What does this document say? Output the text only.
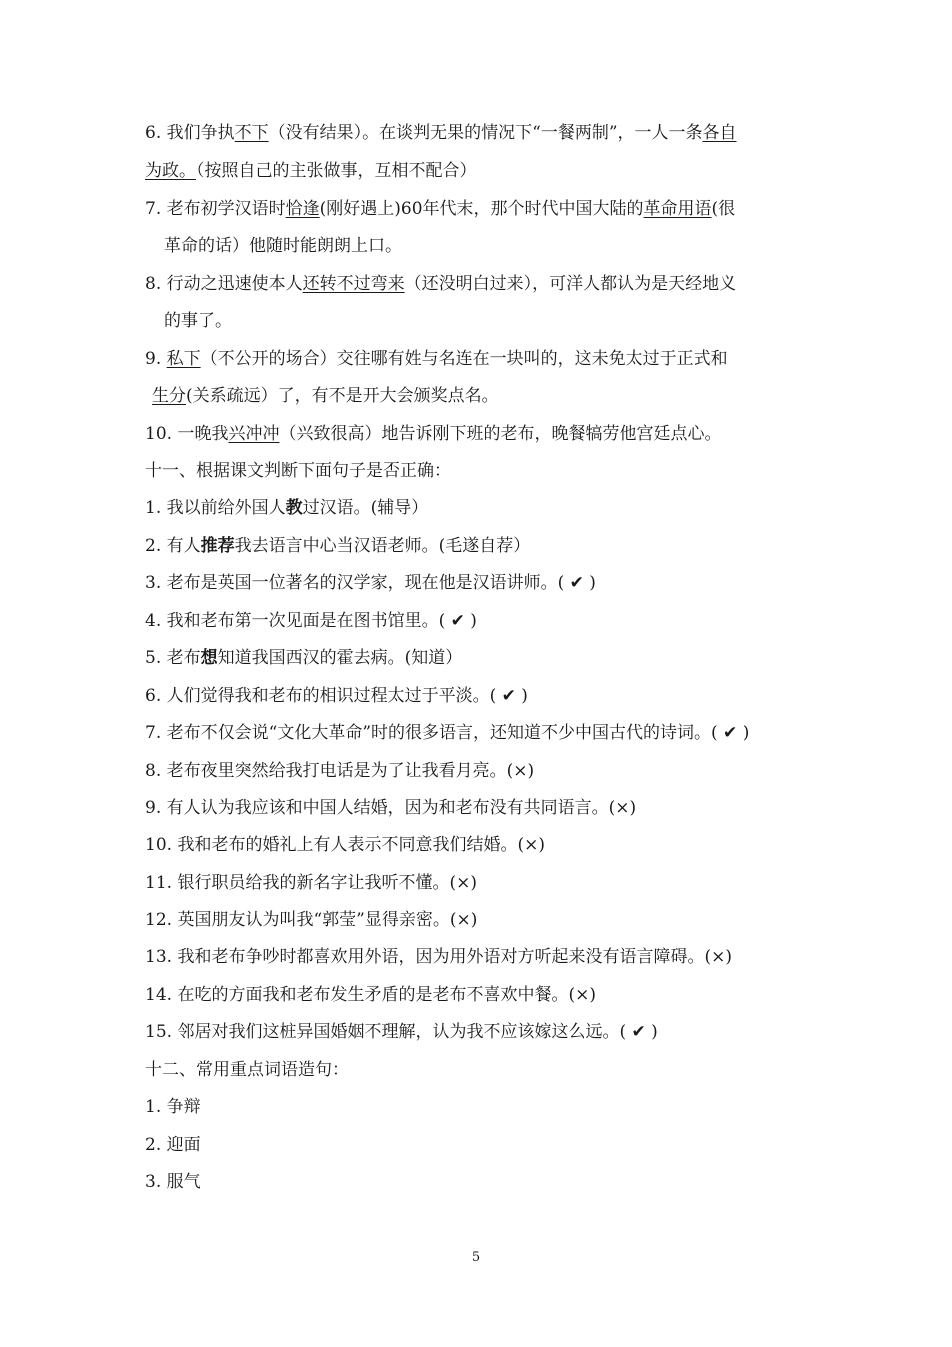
6. 我们争执不下（没有结果）。在谈判无果的情况下“一餐两制”，一人一条各自
为政。（按照自己的主张做事，互相不配合）
7. 老布初学汉语时恰逢(刚好遇上)60年代末，那个时代中国大陆的革命用语(很
革命的话）他随时能朗朗上口。
8. 行动之迅速使本人还转不过弯来（还没明白过来），可洋人都认为是天经地义
的事了。
9. 私下（不公开的场合）交往哪有姓与名连在一块叫的，这未免太过于正式和
生分(关系疏远）了，有不是开大会颁奖点名。
10. 一晚我兴冲冲（兴致很高）地告诉刚下班的老布，晚餐犒劳他宫廷点心。
十一、根据课文判断下面句子是否正确：
1. 我以前给外国人教过汉语。(辅导）
2. 有人推荐我去语言中心当汉语老师。(毛遂自荐）
3. 老布是英国一位著名的汉学家，现在他是汉语讲师。( ✔ )
4. 我和老布第一次见面是在图书馆里。( ✔ )
5. 老布想知道我国西汉的霍去病。(知道）
6. 人们觉得我和老布的相识过程太过于平淡。( ✔ )
7. 老布不仅会说“文化大革命”时的很多语言，还知道不少中国古代的诗词。( ✔ )
8. 老布夜里突然给我打电话是为了让我看月亮。(×)
9. 有人认为我应该和中国人结婚，因为和老布没有共同语言。(×)
10. 我和老布的婚礼上有人表示不同意我们结婚。(×)
11. 银行职员给我的新名字让我听不懂。(×)
12. 英国朋友认为叫我“郭莹”显得亲密。(×)
13. 我和老布争吵时都喜欢用外语，因为用外语对方听起来没有语言障碍。(×)
14. 在吃的方面我和老布发生矛盾的是老布不喜欢中餐。(×)
15. 邻居对我们这桩异国婚姻不理解，认为我不应该嫁这么远。( ✔ )
十二、常用重点词语造句：
1. 争辩
2. 迎面
3. 服气
5
